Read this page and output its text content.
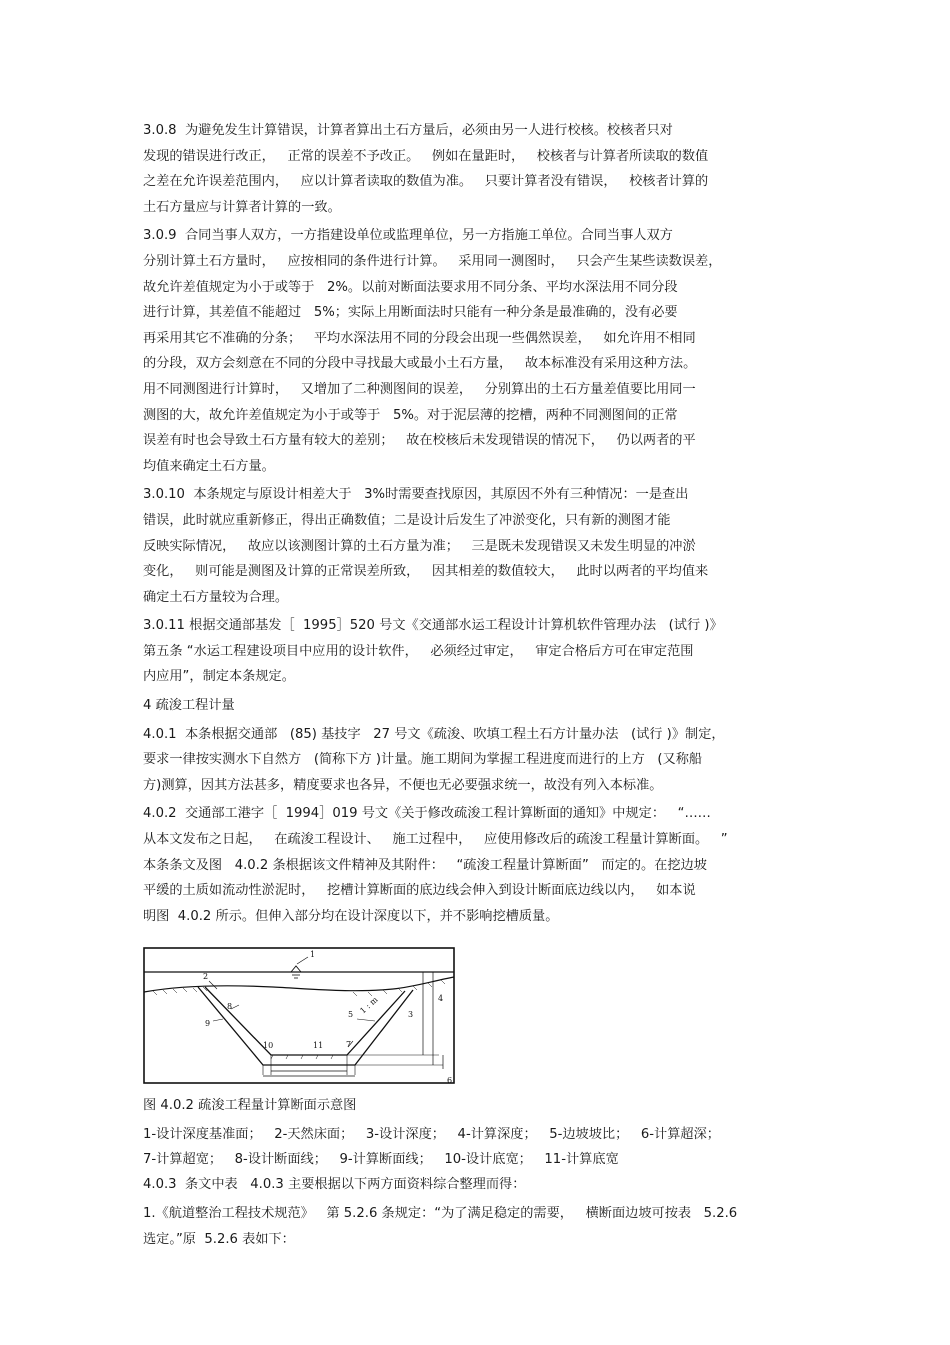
3.0.8  为避免发生计算错误，计算者算出土石方量后，必须由另一人进行校核。校核者只对
发现的错误进行改正，   正常的误差不予改正。   例如在量距时，   校核者与计算者所读取的数值
之差在允许误差范围内，   应以计算者读取的数值为准。   只要计算者没有错误，   校核者计算的
土石方量应与计算者计算的一致。

3.0.9  合同当事人双方，一方指建设单位或监理单位，另一方指施工单位。合同当事人双方
分别计算土石方量时，   应按相同的条件进行计算。   采用同一测图时，   只会产生某些读数误差，
故允许差值规定为小于或等于   2%。以前对断面法要求用不同分条、平均水深法用不同分段
进行计算，其差值不能超过   5%；实际上用断面法时只能有一种分条是最准确的，没有必要
再采用其它不准确的分条；   平均水深法用不同的分段会出现一些偶然误差，   如允许用不相同
的分段，双方会刻意在不同的分段中寻找最大或最小土石方量，   故本标准没有采用这种方法。
用不同测图进行计算时，   又增加了二种测图间的误差，   分别算出的土石方量差值要比用同一
测图的大，故允许差值规定为小于或等于   5%。对于泥层薄的挖槽，两种不同测图间的正常
误差有时也会导致土石方量有较大的差别；   故在校核后未发现错误的情况下，   仍以两者的平
均值来确定土石方量。

3.0.10  本条规定与原设计相差大于   3%时需要查找原因，其原因不外有三种情况：一是查出
错误，此时就应重新修正，得出正确数值；二是设计后发生了冲淤变化，只有新的测图才能
反映实际情况，   故应以该测图计算的土石方量为准；   三是既未发现错误又未发生明显的冲淤
变化，   则可能是测图及计算的正常误差所致，   因其相差的数值较大，   此时以两者的平均值来
确定土石方量较为合理。

3.0.11 根据交通部基发［  1995］520 号文《交通部水运工程设计计算机软件管理办法   (试行 )》
第五条 “水运工程建设项目中应用的设计软件，   必须经过审定，   审定合格后方可在审定范围
内应用”，制定本条规定。

4 疏浚工程计量

4.0.1  本条根据交通部   (85) 基技字   27 号文《疏浚、吹填工程土石方计量办法   (试行 )》制定，
要求一律按实测水下自然方   (简称下方 )计量。施工期间为掌握工程进度而进行的上方   (又称船
方)测算，因其方法甚多，精度要求也各异，不便也无必要强求统一，故没有列入本标准。

4.0.2  交通部工港字［  1994］019 号文《关于修改疏浚工程计算断面的通知》中规定：   “……
从本文发布之日起，   在疏浚工程设计、   施工过程中，   应使用修改后的疏浚工程量计算断面。   ”
本条条文及图   4.0.2 条根据该文件精神及其附件：   “疏浚工程量计算断面”   而定的。在挖边坡
平缓的土质如流动性淤泥时，   挖槽计算断面的底边线会伸入到设计断面底边线以内，   如本说
明图  4.0.2 所示。但伸入部分均在设计深度以下，并不影响挖槽质量。

1
2
3
4
5
6
7
8
9
10	11
1 : m

图 4.0.2 疏浚工程量计算断面示意图

1-设计深度基准面；   2-天然床面；   3-设计深度；   4-计算深度；   5-边坡坡比；   6-计算超深；

7-计算超宽；   8-设计断面线；   9-计算断面线；   10-设计底宽；   11-计算底宽

4.0.3  条文中表   4.0.3 主要根据以下两方面资料综合整理而得：

1.《航道整治工程技术规范》   第 5.2.6 条规定：“为了满足稳定的需要，   横断面边坡可按表   5.2.6
选定。”原  5.2.6 表如下：
